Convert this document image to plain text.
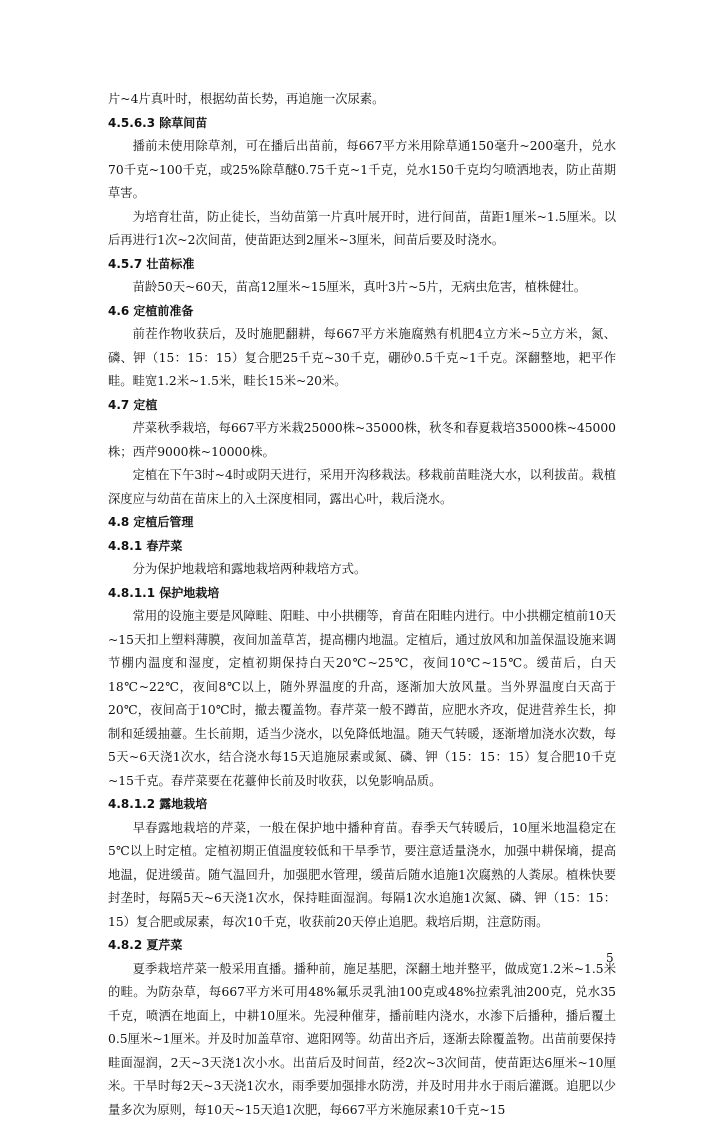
片~4片真叶时，根据幼苗长势，再追施一次尿素。

4.5.6.3 除草间苗

播前未使用除草剂，可在播后出苗前，每667平方米用除草通150毫升~200毫升，兑水70千克~100千克，或25%除草醚0.75千克~1千克，兑水150千克均匀喷洒地表，防止苗期草害。

为培育壮苗，防止徒长，当幼苗第一片真叶展开时，进行间苗，苗距1厘米~1.5厘米。以后再进行1次~2次间苗，使苗距达到2厘米~3厘米，间苗后要及时浇水。

4.5.7 壮苗标准

苗龄50天~60天，苗高12厘米~15厘米，真叶3片~5片，无病虫危害，植株健壮。

4.6 定植前准备

前茬作物收获后，及时施肥翻耕，每667平方米施腐熟有机肥4立方米~5立方米，氮、磷、钾（15：15：15）复合肥25千克~30千克，硼砂0.5千克~1千克。深翻整地，耙平作畦。畦宽1.2米~1.5米，畦长15米~20米。

4.7 定植

芹菜秋季栽培，每667平方米栽25000株~35000株，秋冬和春夏栽培35000株~45000株；西芹9000株~10000株。

定植在下午3时~4时或阴天进行，采用开沟移栽法。移栽前苗畦浇大水，以利拔苗。栽植深度应与幼苗在苗床上的入土深度相同，露出心叶，栽后浇水。

4.8 定植后管理

4.8.1 春芹菜

分为保护地栽培和露地栽培两种栽培方式。

4.8.1.1 保护地栽培

常用的设施主要是风障畦、阳畦、中小拱棚等，育苗在阳畦内进行。中小拱棚定植前10天~15天扣上塑料薄膜，夜间加盖草苫，提高棚内地温。定植后，通过放风和加盖保温设施来调节棚内温度和湿度，定植初期保持白天20℃~25℃，夜间10℃~15℃。缓苗后，白天18℃~22℃，夜间8℃以上，随外界温度的升高，逐渐加大放风量。当外界温度白天高于20℃，夜间高于10℃时，撤去覆盖物。春芹菜一般不蹲苗，应肥水齐攻，促进营养生长，抑制和延缓抽薹。生长前期，适当少浇水，以免降低地温。随天气转暖，逐渐增加浇水次数，每5天~6天浇1次水，结合浇水每15天追施尿素或氮、磷、钾（15：15：15）复合肥10千克~15千克。春芹菜要在花薹伸长前及时收获，以免影响品质。

4.8.1.2 露地栽培

早春露地栽培的芹菜，一般在保护地中播种育苗。春季天气转暖后，10厘米地温稳定在5℃以上时定植。定植初期正值温度较低和干旱季节，要注意适量浇水，加强中耕保墒，提高地温，促进缓苗。随气温回升，加强肥水管理，缓苗后随水追施1次腐熟的人粪尿。植株快要封垄时，每隔5天~6天浇1次水，保持畦面湿润。每隔1次水追施1次氮、磷、钾（15：15：15）复合肥或尿素，每次10千克，收获前20天停止追肥。栽培后期，注意防雨。

4.8.2 夏芹菜

夏季栽培芹菜一般采用直播。播种前，施足基肥，深翻土地并整平，做成宽1.2米~1.5米的畦。为防杂草，每667平方米可用48%氟乐灵乳油100克或48%拉索乳油200克，兑水35千克，喷洒在地面上，中耕10厘米。先浸种催芽，播前畦内浇水，水渗下后播种，播后覆土0.5厘米~1厘米。并及时加盖草帘、遮阳网等。幼苗出齐后，逐渐去除覆盖物。出苗前要保持畦面湿润，2天~3天浇1次小水。出苗后及时间苗，经2次~3次间苗，使苗距达6厘米~10厘米。干旱时每2天~3天浇1次水，雨季要加强排水防涝，并及时用井水于雨后灌溉。追肥以少量多次为原则，每10天~15天追1次肥，每667平方米施尿素10千克~15

5
